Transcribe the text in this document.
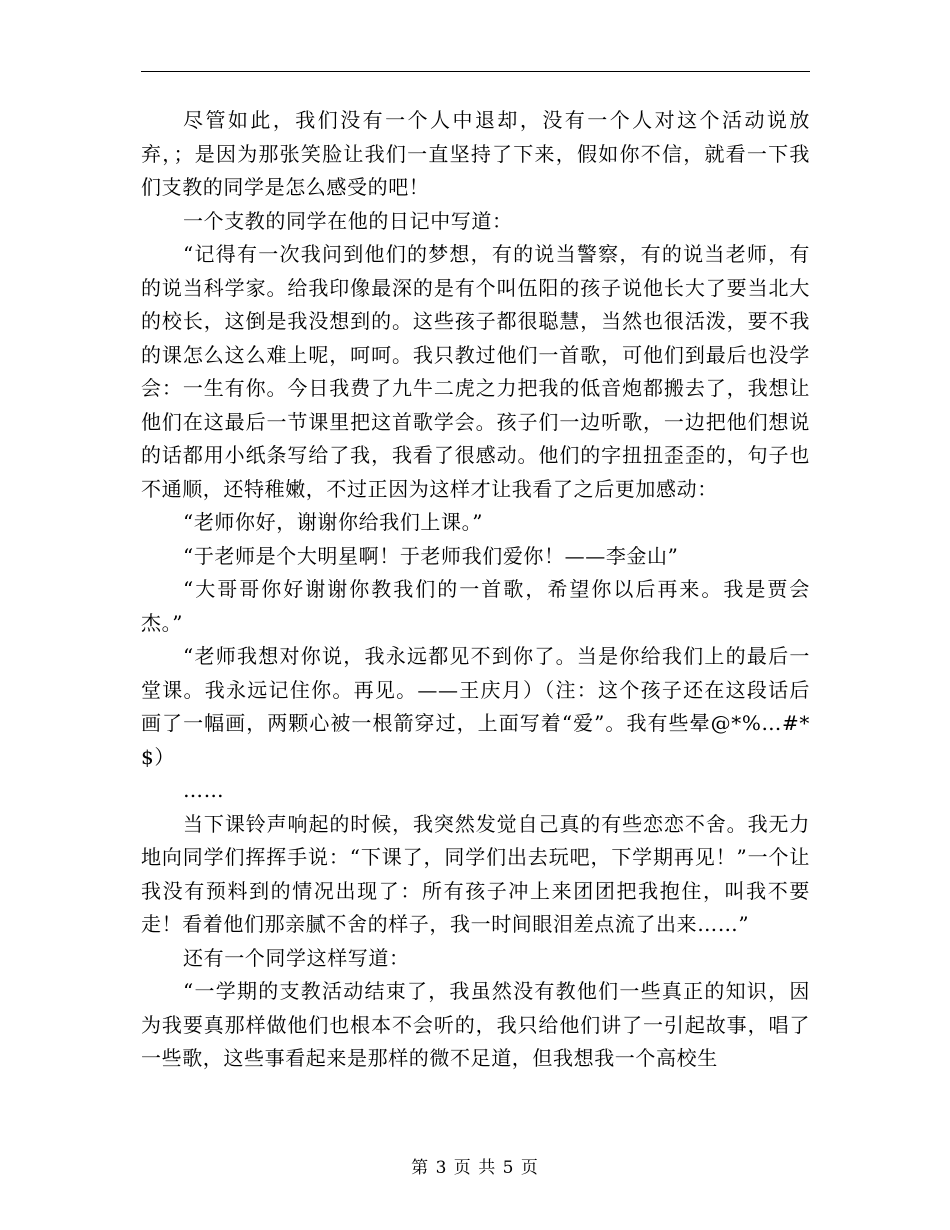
尽管如此，我们没有一个人中退却，没有一个人对这个活动说放弃，；是因为那张笑脸让我们一直坚持了下来，假如你不信，就看一下我们支教的同学是怎么感受的吧！

一个支教的同学在他的日记中写道：

“记得有一次我问到他们的梦想，有的说当警察，有的说当老师，有的说当科学家。给我印像最深的是有个叫伍阳的孩子说他长大了要当北大的校长，这倒是我没想到的。这些孩子都很聪慧，当然也很活泼，要不我的课怎么这么难上呢，呵呵。我只教过他们一首歌，可他们到最后也没学会：一生有你。今日我费了九牛二虎之力把我的低音炮都搬去了，我想让他们在这最后一节课里把这首歌学会。孩子们一边听歌，一边把他们想说的话都用小纸条写给了我，我看了很感动。他们的字扭扭歪歪的，句子也不通顺，还特稚嫩，不过正因为这样才让我看了之后更加感动：

“老师你好，谢谢你给我们上课。”

“于老师是个大明星啊！于老师我们爱你！——李金山”

“大哥哥你好谢谢你教我们的一首歌，希望你以后再来。我是贾会杰。”

“老师我想对你说，我永远都见不到你了。当是你给我们上的最后一堂课。我永远记住你。再见。——王庆月）（注：这个孩子还在这段话后画了一幅画，两颗心被一根箭穿过，上面写着“爱”。我有些晕@*%…#*$）

……

当下课铃声响起的时候，我突然发觉自己真的有些恋恋不舍。我无力地向同学们挥挥手说：“下课了，同学们出去玩吧，下学期再见！”一个让我没有预料到的情况出现了：所有孩子冲上来团团把我抱住，叫我不要走！看着他们那亲腻不舍的样子，我一时间眼泪差点流了出来……”

还有一个同学这样写道：

“一学期的支教活动结束了，我虽然没有教他们一些真正的知识，因为我要真那样做他们也根本不会听的，我只给他们讲了一引起故事，唱了一些歌，这些事看起来是那样的微不足道，但我想我一个高校生

第 3 页 共 5 页
